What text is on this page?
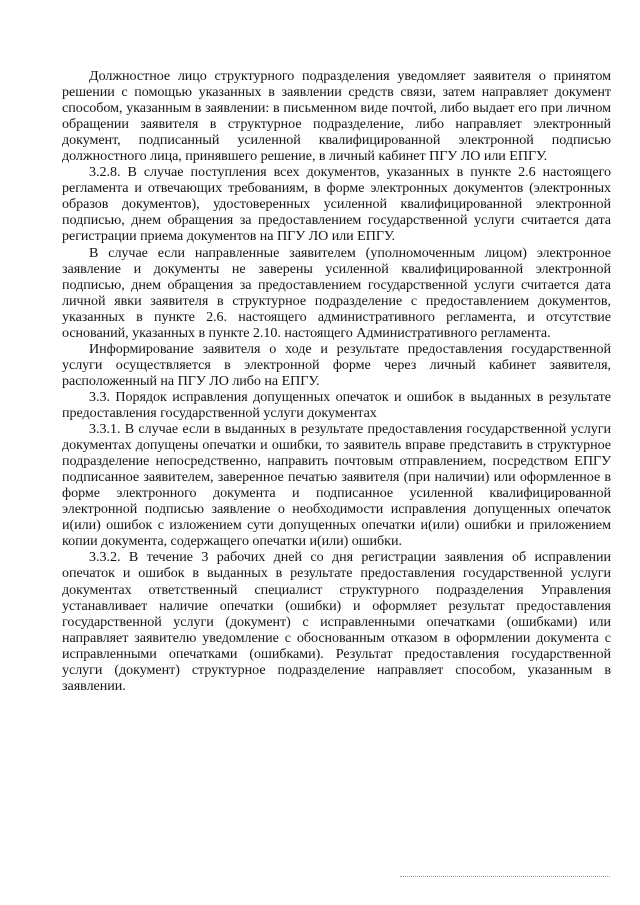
Должностное лицо структурного подразделения уведомляет заявителя о принятом решении с помощью указанных в заявлении средств связи, затем направляет документ способом, указанным в заявлении: в письменном виде почтой, либо выдает его при личном обращении заявителя в структурное подразделение, либо направляет электронный документ, подписанный усиленной квалифицированной электронной подписью должностного лица, принявшего решение, в личный кабинет ПГУ ЛО или ЕПГУ.

3.2.8. В случае поступления всех документов, указанных в пункте 2.6 настоящего регламента и отвечающих требованиям, в форме электронных документов (электронных образов документов), удостоверенных усиленной квалифицированной электронной подписью, днем обращения за предоставлением государственной услуги считается дата регистрации приема документов на ПГУ ЛО или ЕПГУ.

В случае если направленные заявителем (уполномоченным лицом) электронное заявление и документы не заверены усиленной квалифицированной электронной подписью, днем обращения за предоставлением государственной услуги считается дата личной явки заявителя в структурное подразделение с предоставлением документов, указанных в пункте 2.6. настоящего административного регламента, и отсутствие оснований, указанных в пункте 2.10. настоящего Административного регламента.

Информирование заявителя о ходе и результате предоставления государственной услуги осуществляется в электронной форме через личный кабинет заявителя, расположенный на ПГУ ЛО либо на ЕПГУ.

3.3. Порядок исправления допущенных опечаток и ошибок в выданных в результате предоставления государственной услуги документах

3.3.1. В случае если в выданных в результате предоставления государственной услуги документах допущены опечатки и ошибки, то заявитель вправе представить в структурное подразделение непосредственно, направить почтовым отправлением, посредством ЕПГУ подписанное заявителем, заверенное печатью заявителя (при наличии) или оформленное в форме электронного документа и подписанное усиленной квалифицированной электронной подписью заявление о необходимости исправления допущенных опечаток и(или) ошибок с изложением сути допущенных опечатки и(или) ошибки и приложением копии документа, содержащего опечатки и(или) ошибки.

3.3.2. В течение 3 рабочих дней со дня регистрации заявления об исправлении опечаток и ошибок в выданных в результате предоставления государственной услуги документах ответственный специалист структурного подразделения Управления устанавливает наличие опечатки (ошибки) и оформляет результат предоставления государственной услуги (документ) с исправленными опечатками (ошибками) или направляет заявителю уведомление с обоснованным отказом в оформлении документа с исправленными опечатками (ошибками). Результат предоставления государственной услуги (документ) структурное подразделение направляет способом, указанным в заявлении.
